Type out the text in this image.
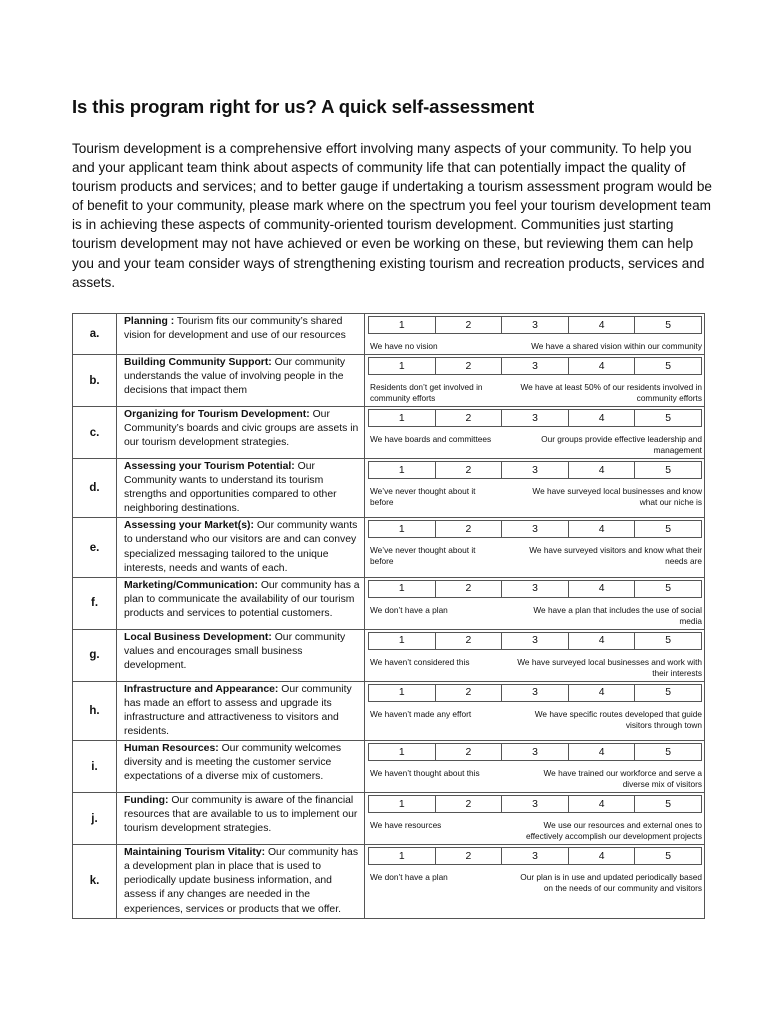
Is this program right for us? A quick self-assessment

Tourism development is a comprehensive effort involving many aspects of your community. To help you and your applicant team think about aspects of community life that can potentially impact the quality of tourism products and services; and to better gauge if undertaking a tourism assessment program would be of benefit to your community, please mark where on the spectrum you feel your tourism development team is in achieving these aspects of community-oriented tourism development. Communities just starting tourism development may not have achieved or even be working on these, but reviewing them can help you and your team consider ways of strengthening existing tourism and recreation products, services and assets.

a.	Planning : Tourism fits our community’s shared vision for development and use of our resources	
1	2	3	4	5
We have no vision	We have a shared vision within our community

b.	Building Community Support: Our community understands the value of involving people in the decisions that impact them	
1	2	3	4	5
Residents don’t get involved in community efforts
We have at least 50% of our residents involved in community efforts

c.	Organizing for Tourism Development: Our Community’s boards and civic groups are assets in our tourism development strategies.	
1	2	3	4	5
We have boards and committees	Our groups provide effective leadership and management

d.	Assessing your Tourism Potential: Our Community wants to understand its tourism strengths and opportunities compared to other neighboring destinations.	
1	2	3	4	5
We’ve never thought about it before
We have surveyed local businesses and know what our niche is

e.	Assessing your Market(s): Our community wants to understand who our visitors are and can convey specialized messaging tailored to the unique interests, needs and wants of each.	
1	2	3	4	5
We’ve never thought about it before
We have surveyed visitors and know what their needs are

f.	Marketing/Communication: Our community has a plan to communicate the availability of our tourism products and services to potential customers.	
1	2	3	4	5
We don’t have a plan	We have a plan that includes the use of social media

g.	Local Business Development: Our community values and encourages small business development.	
1	2	3	4	5
We haven’t considered this	We have surveyed local businesses and work with their interests

h.	Infrastructure and Appearance: Our community has made an effort to assess and upgrade its infrastructure and attractiveness to visitors and residents.	
1	2	3	4	5
We haven’t made any effort	We have specific routes developed that guide visitors through town

i.	Human Resources: Our community welcomes diversity and is meeting the customer service expectations of a diverse mix of customers.	
1	2	3	4	5
We haven’t thought about this	We have trained our workforce and serve a diverse mix of visitors

j.	Funding: Our community is aware of the financial resources that are available to us to implement our tourism development strategies.	
1	2	3	4	5
We have resources	We use our resources and external ones to effectively accomplish our development projects

k.	Maintaining Tourism Vitality: Our community has a development plan in place that is used to periodically update business information, and assess if any changes are needed in the experiences, services or products that we offer.	
1	2	3	4	5
We don’t have a plan	Our plan is in use and updated periodically based on the needs of our community and visitors
